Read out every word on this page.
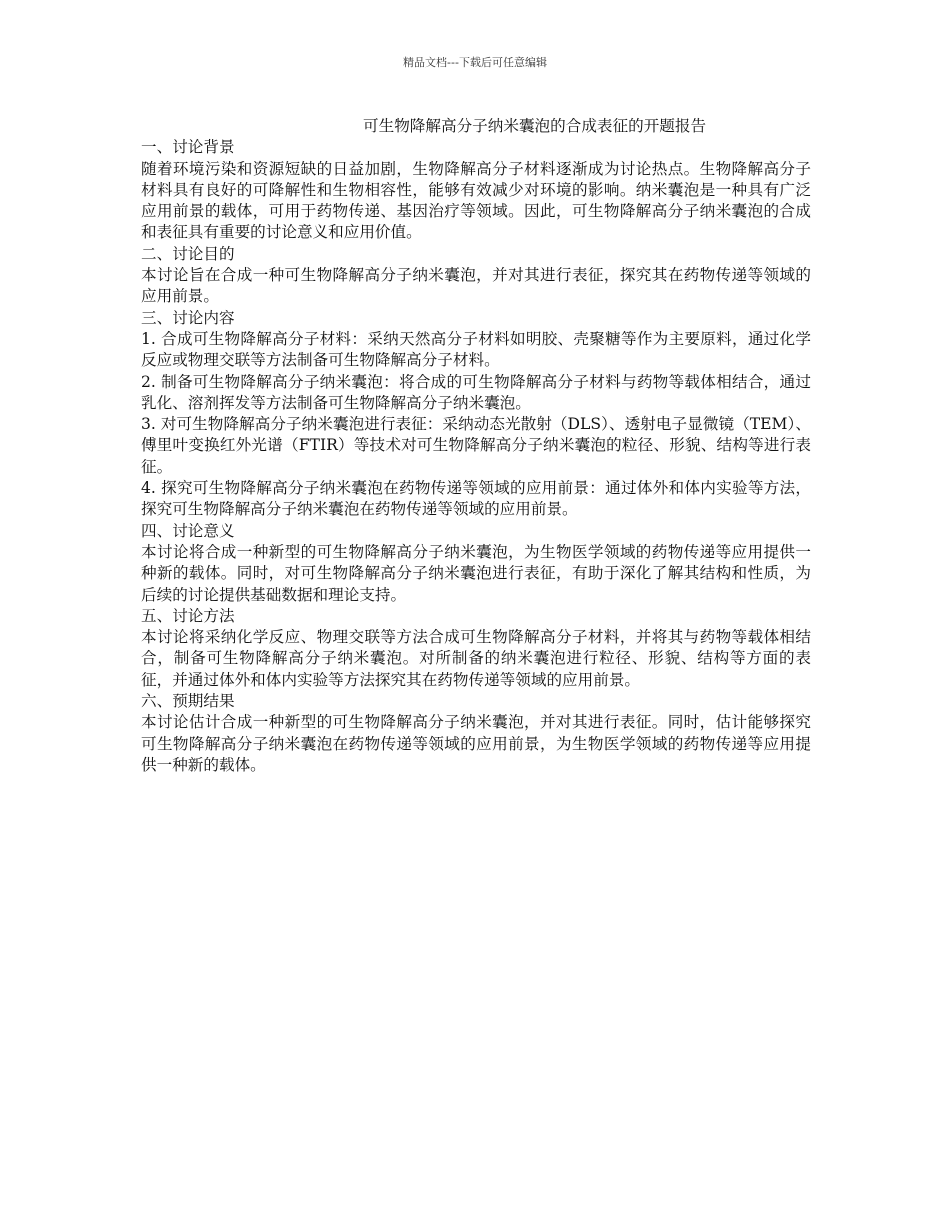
精品文档---下载后可任意编辑
可生物降解高分子纳米囊泡的合成表征的开题报告
一、讨论背景

随着环境污染和资源短缺的日益加剧，生物降解高分子材料逐渐成为讨论热点。生物降解高分子材料具有良好的可降解性和生物相容性，能够有效减少对环境的影响。纳米囊泡是一种具有广泛应用前景的载体，可用于药物传递、基因治疗等领域。因此，可生物降解高分子纳米囊泡的合成和表征具有重要的讨论意义和应用价值。

二、讨论目的

本讨论旨在合成一种可生物降解高分子纳米囊泡，并对其进行表征，探究其在药物传递等领域的应用前景。

三、讨论内容

1. 合成可生物降解高分子材料：采纳天然高分子材料如明胶、壳聚糖等作为主要原料，通过化学反应或物理交联等方法制备可生物降解高分子材料。

2. 制备可生物降解高分子纳米囊泡：将合成的可生物降解高分子材料与药物等载体相结合，通过乳化、溶剂挥发等方法制备可生物降解高分子纳米囊泡。

3. 对可生物降解高分子纳米囊泡进行表征：采纳动态光散射（DLS）、透射电子显微镜（TEM）、傅里叶变换红外光谱（FTIR）等技术对可生物降解高分子纳米囊泡的粒径、形貌、结构等进行表征。

4. 探究可生物降解高分子纳米囊泡在药物传递等领域的应用前景：通过体外和体内实验等方法，探究可生物降解高分子纳米囊泡在药物传递等领域的应用前景。

四、讨论意义

本讨论将合成一种新型的可生物降解高分子纳米囊泡，为生物医学领域的药物传递等应用提供一种新的载体。同时，对可生物降解高分子纳米囊泡进行表征，有助于深化了解其结构和性质，为后续的讨论提供基础数据和理论支持。

五、讨论方法

本讨论将采纳化学反应、物理交联等方法合成可生物降解高分子材料，并将其与药物等载体相结合，制备可生物降解高分子纳米囊泡。对所制备的纳米囊泡进行粒径、形貌、结构等方面的表征，并通过体外和体内实验等方法探究其在药物传递等领域的应用前景。

六、预期结果

本讨论估计合成一种新型的可生物降解高分子纳米囊泡，并对其进行表征。同时，估计能够探究可生物降解高分子纳米囊泡在药物传递等领域的应用前景，为生物医学领域的药物传递等应用提供一种新的载体。
